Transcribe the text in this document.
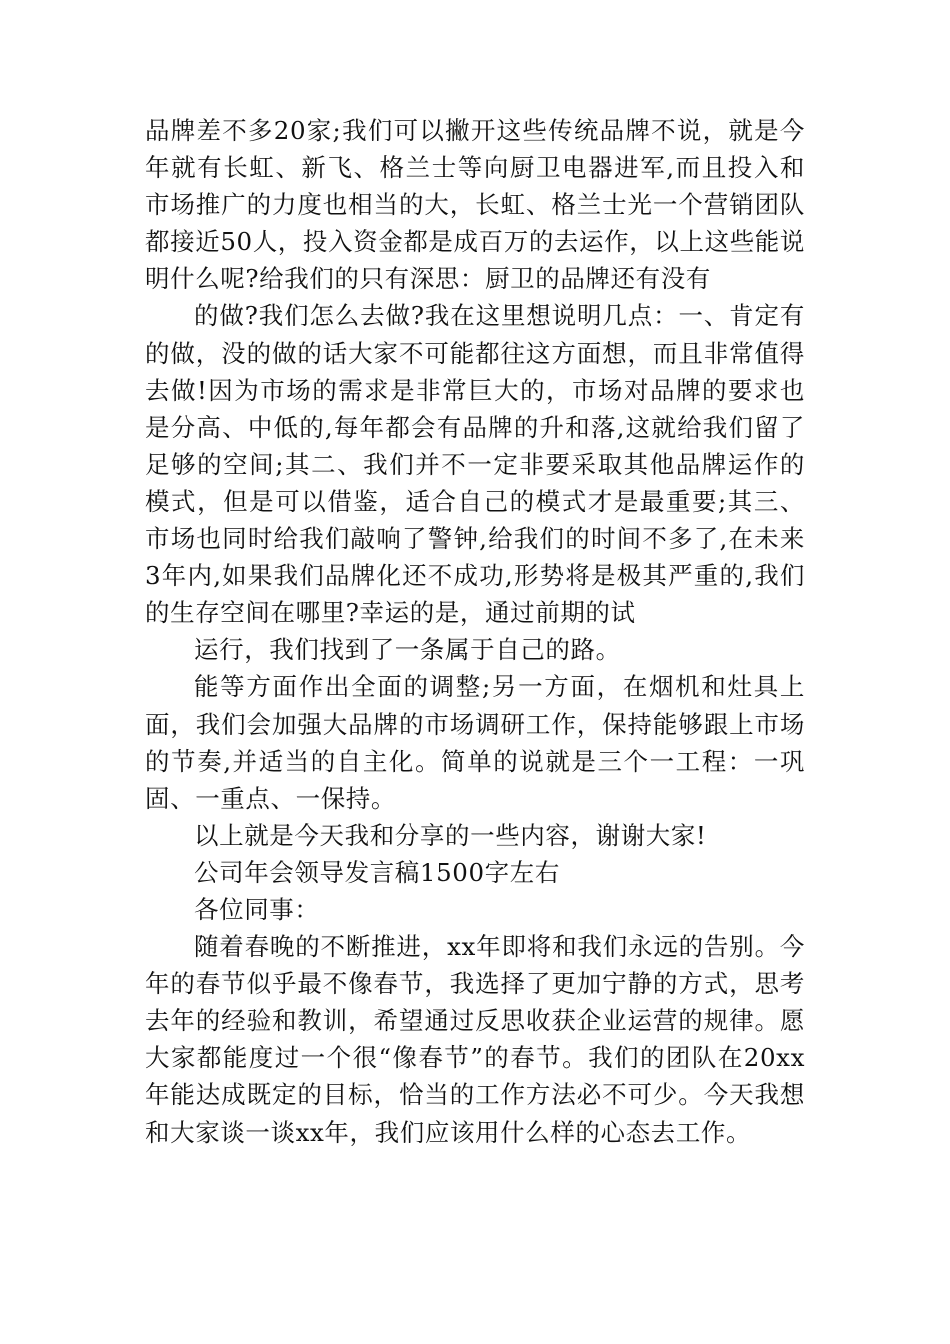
品牌差不多20家;我们可以撇开这些传统品牌不说，就是今年就有长虹、新飞、格兰士等向厨卫电器进军,而且投入和市场推广的力度也相当的大，长虹、格兰士光一个营销团队都接近50人，投入资金都是成百万的去运作，以上这些能说明什么呢?给我们的只有深思：厨卫的品牌还有没有

的做?我们怎么去做?我在这里想说明几点：一、肯定有的做，没的做的话大家不可能都往这方面想，而且非常值得去做!因为市场的需求是非常巨大的，市场对品牌的要求也是分高、中低的,每年都会有品牌的升和落,这就给我们留了足够的空间;其二、我们并不一定非要采取其他品牌运作的模式，但是可以借鉴，适合自己的模式才是最重要;其三、市场也同时给我们敲响了警钟,给我们的时间不多了,在未来3年内,如果我们品牌化还不成功,形势将是极其严重的,我们的生存空间在哪里?幸运的是，通过前期的试

运行，我们找到了一条属于自己的路。

能等方面作出全面的调整;另一方面，在烟机和灶具上面，我们会加强大品牌的市场调研工作，保持能够跟上市场的节奏,并适当的自主化。简单的说就是三个一工程：一巩固、一重点、一保持。

以上就是今天我和分享的一些内容，谢谢大家!

公司年会领导发言稿1500字左右

各位同事：

随着春晚的不断推进，xx年即将和我们永远的告别。今年的春节似乎最不像春节，我选择了更加宁静的方式，思考去年的经验和教训，希望通过反思收获企业运营的规律。愿大家都能度过一个很“像春节”的春节。我们的团队在20xx年能达成既定的目标，恰当的工作方法必不可少。今天我想和大家谈一谈xx年，我们应该用什么样的心态去工作。
